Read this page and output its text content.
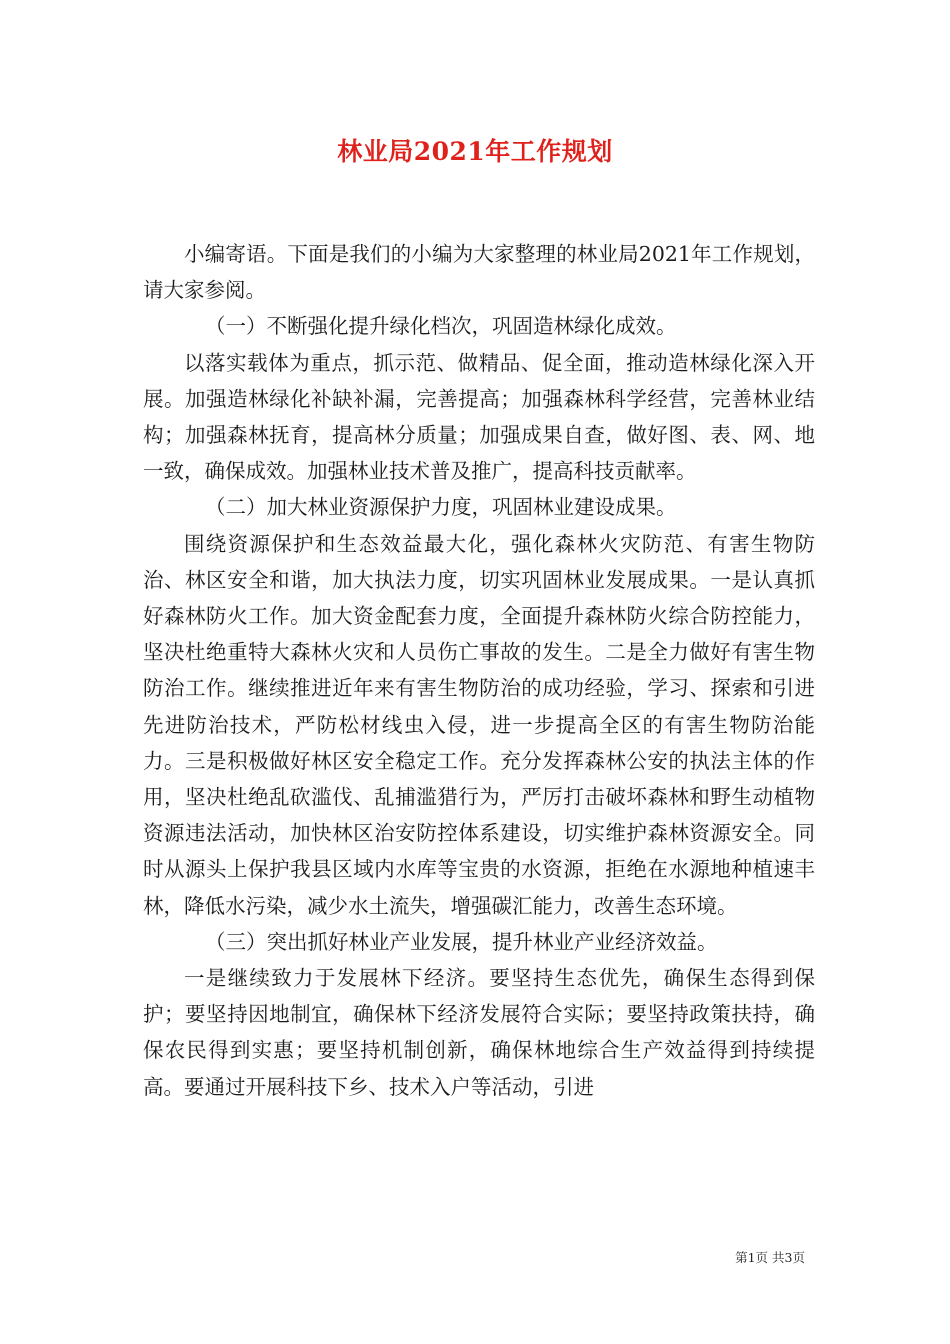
林业局2021年工作规划

小编寄语。下面是我们的小编为大家整理的林业局2021年工作规划，请大家参阅。

（一）不断强化提升绿化档次，巩固造林绿化成效。

以落实载体为重点，抓示范、做精品、促全面，推动造林绿化深入开展。加强造林绿化补缺补漏，完善提高；加强森林科学经营，完善林业结构；加强森林抚育，提高林分质量；加强成果自查，做好图、表、网、地一致，确保成效。加强林业技术普及推广，提高科技贡献率。

（二）加大林业资源保护力度，巩固林业建设成果。

围绕资源保护和生态效益最大化，强化森林火灾防范、有害生物防治、林区安全和谐，加大执法力度，切实巩固林业发展成果。一是认真抓好森林防火工作。加大资金配套力度，全面提升森林防火综合防控能力，坚决杜绝重特大森林火灾和人员伤亡事故的发生。二是全力做好有害生物防治工作。继续推进近年来有害生物防治的成功经验，学习、探索和引进先进防治技术，严防松材线虫入侵，进一步提高全区的有害生物防治能力。三是积极做好林区安全稳定工作。充分发挥森林公安的执法主体的作用，坚决杜绝乱砍滥伐、乱捕滥猎行为，严厉打击破坏森林和野生动植物资源违法活动，加快林区治安防控体系建设，切实维护森林资源安全。同时从源头上保护我县区域内水库等宝贵的水资源，拒绝在水源地种植速丰林，降低水污染，减少水土流失，增强碳汇能力，改善生态环境。

（三）突出抓好林业产业发展，提升林业产业经济效益。

一是继续致力于发展林下经济。要坚持生态优先，确保生态得到保护；要坚持因地制宜，确保林下经济发展符合实际；要坚持政策扶持，确保农民得到实惠；要坚持机制创新，确保林地综合生产效益得到持续提高。要通过开展科技下乡、技术入户等活动，引进

第1页 共3页
